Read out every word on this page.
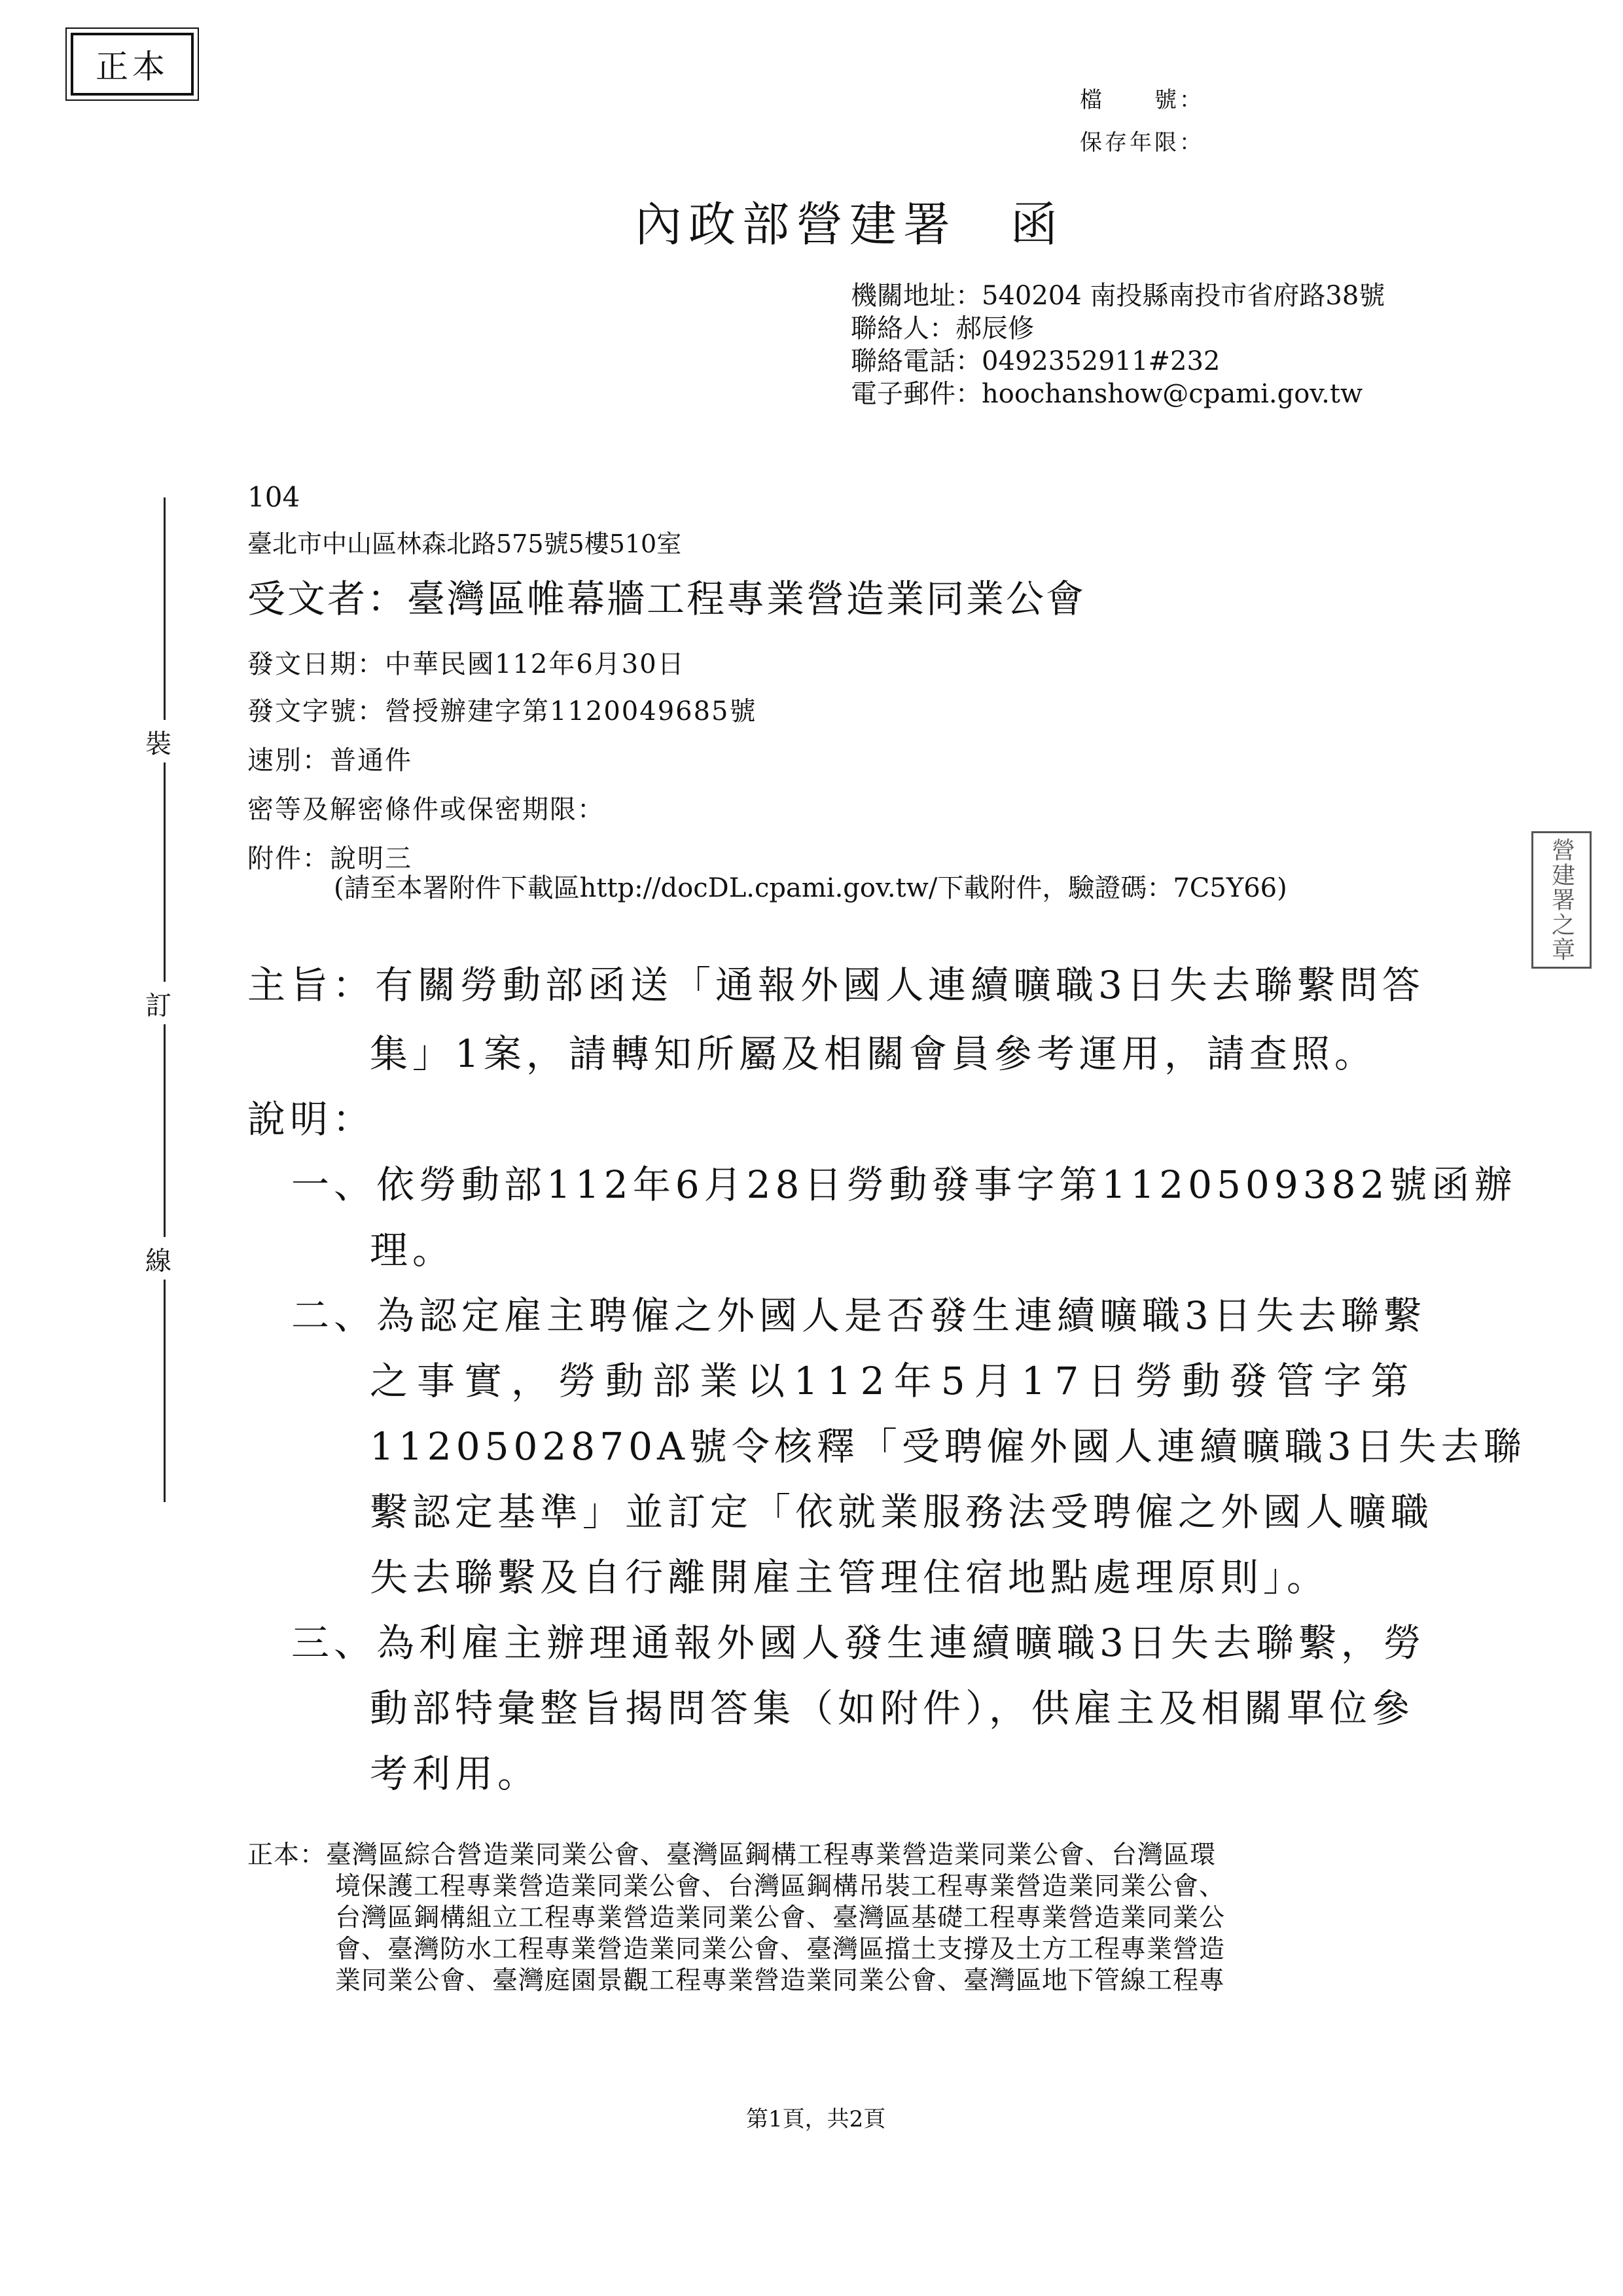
正本
檔　　號：
保存年限：
內政部營建署　函
機關地址：540204 南投縣南投市省府路38號
聯絡人：郝辰修
聯絡電話：0492352911#232
電子郵件：hoochanshow@cpami.gov.tw
104
臺北市中山區林森北路575號5樓510室
受文者：臺灣區帷幕牆工程專業營造業同業公會
發文日期：中華民國112年6月30日
發文字號：營授辦建字第1120049685號
速別：普通件
密等及解密條件或保密期限：
附件：說明三
(請至本署附件下載區http://docDL.cpami.gov.tw/下載附件，驗證碼：7C5Y66)
主旨：有關勞動部函送「通報外國人連續曠職3日失去聯繫問答
集」1案，請轉知所屬及相關會員參考運用，請查照。
說明：
一、依勞動部112年6月28日勞動發事字第1120509382號函辦
理。
二、為認定雇主聘僱之外國人是否發生連續曠職3日失去聯繫
之事實，勞動部業以112年5月17日勞動發管字第
1120502870A號令核釋「受聘僱外國人連續曠職3日失去聯
繫認定基準」並訂定「依就業服務法受聘僱之外國人曠職
失去聯繫及自行離開雇主管理住宿地點處理原則」。
三、為利雇主辦理通報外國人發生連續曠職3日失去聯繫，勞
動部特彙整旨揭問答集（如附件），供雇主及相關單位參
考利用。
正本：臺灣區綜合營造業同業公會、臺灣區鋼構工程專業營造業同業公會、台灣區環
境保護工程專業營造業同業公會、台灣區鋼構吊裝工程專業營造業同業公會、
台灣區鋼構組立工程專業營造業同業公會、臺灣區基礎工程專業營造業同業公
會、臺灣防水工程專業營造業同業公會、臺灣區擋土支撐及土方工程專業營造
業同業公會、臺灣庭園景觀工程專業營造業同業公會、臺灣區地下管線工程專
裝
訂
線
營建署之章
第1頁，共2頁
